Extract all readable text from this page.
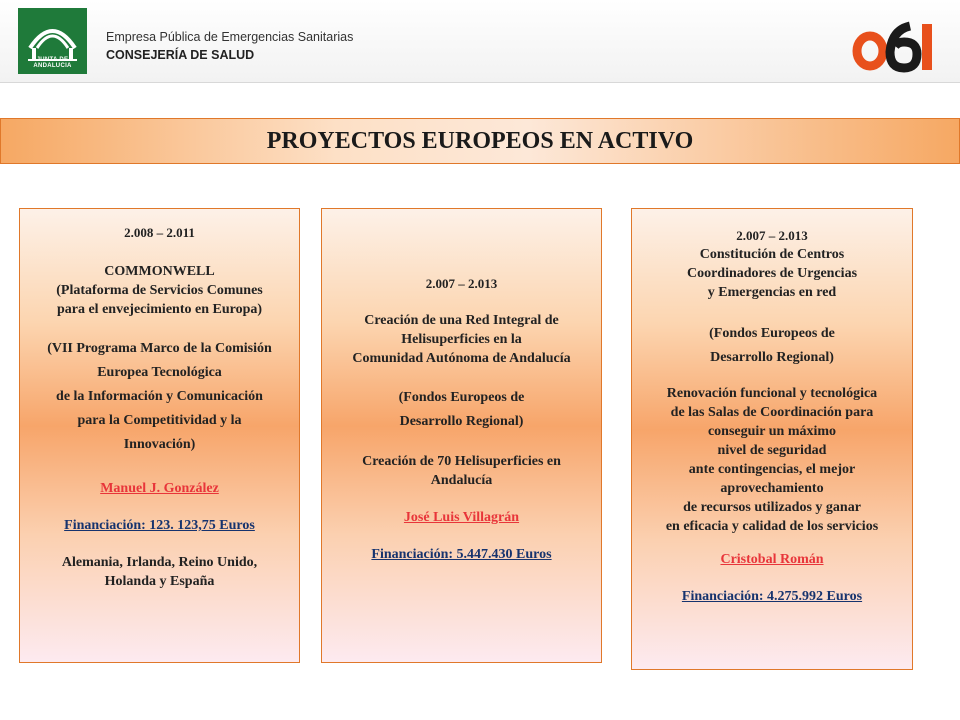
JUNTA DE ANDALUCIA
Empresa Pública de Emergencias Sanitarias
CONSEJERÍA DE SALUD
061
PROYECTOS EUROPEOS EN ACTIVO

2.008 – 2.011

COMMONWELL

(Plataforma de Servicios Comunes

para el envejecimiento en Europa)

(VII Programa Marco de la Comisión

Europea Tecnológica

de la Información y Comunicación

para la Competitividad y la

Innovación)

Manuel J. González

Financiación: 123. 123,75 Euros

Alemania, Irlanda, Reino Unido,

Holanda y España

2.007 – 2.013

Creación de una Red Integral de

Helisuperficies en la

Comunidad Autónoma de Andalucía

(Fondos Europeos de

Desarrollo Regional)

Creación de 70 Helisuperficies en

Andalucía

José Luis Villagrán

Financiación: 5.447.430 Euros

2.007 – 2.013

Constitución de Centros

Coordinadores de Urgencias

y Emergencias en red

(Fondos Europeos de

Desarrollo Regional)

Renovación funcional y tecnológica

de las Salas de Coordinación para

conseguir un máximo

nivel de seguridad

ante contingencias, el mejor

aprovechamiento

de recursos utilizados y ganar

en eficacia y calidad de los servicios

Cristobal Román

Financiación: 4.275.992 Euros
